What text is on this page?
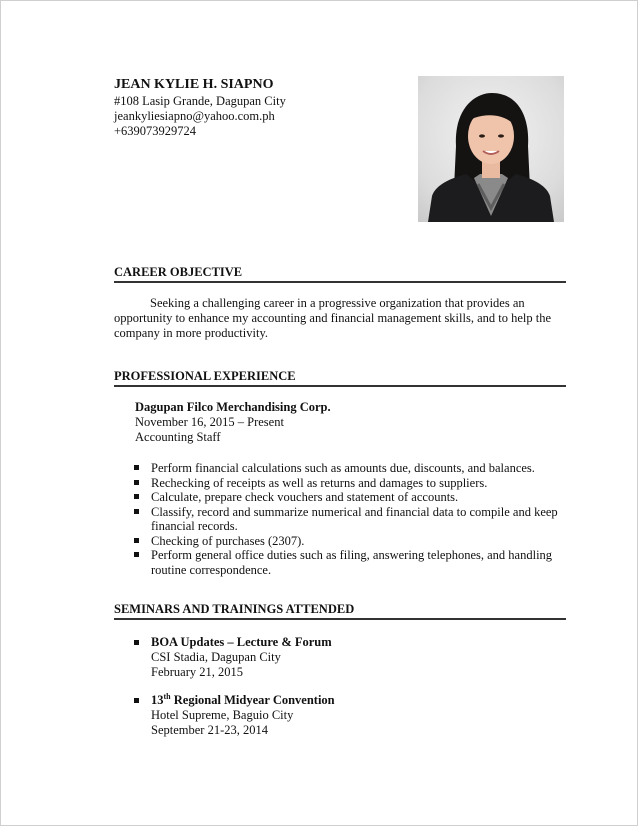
JEAN KYLIE H. SIAPNO
#108 Lasip Grande, Dagupan City
jeankyliesiapno@yahoo.com.ph
+639073929724
CAREER OBJECTIVE
Seeking a challenging career in a progressive organization that provides an opportunity to enhance my accounting and financial management skills, and to help the company in more productivity.
PROFESSIONAL EXPERIENCE
Dagupan Filco Merchandising Corp.
November 16, 2015 – Present
Accounting Staff
Perform financial calculations such as amounts due, discounts, and balances.
Rechecking of receipts as well as returns and damages to suppliers.
Calculate, prepare check vouchers and statement of accounts.
Classify, record and summarize numerical and financial data to compile and keep financial records.
Checking of purchases (2307).
Perform general office duties such as filing, answering telephones, and handling routine correspondence.
SEMINARS AND TRAININGS ATTENDED
BOA Updates – Lecture & Forum
CSI Stadia, Dagupan City
February 21, 2015
13th Regional Midyear Convention
Hotel Supreme, Baguio City
September 21-23, 2014
